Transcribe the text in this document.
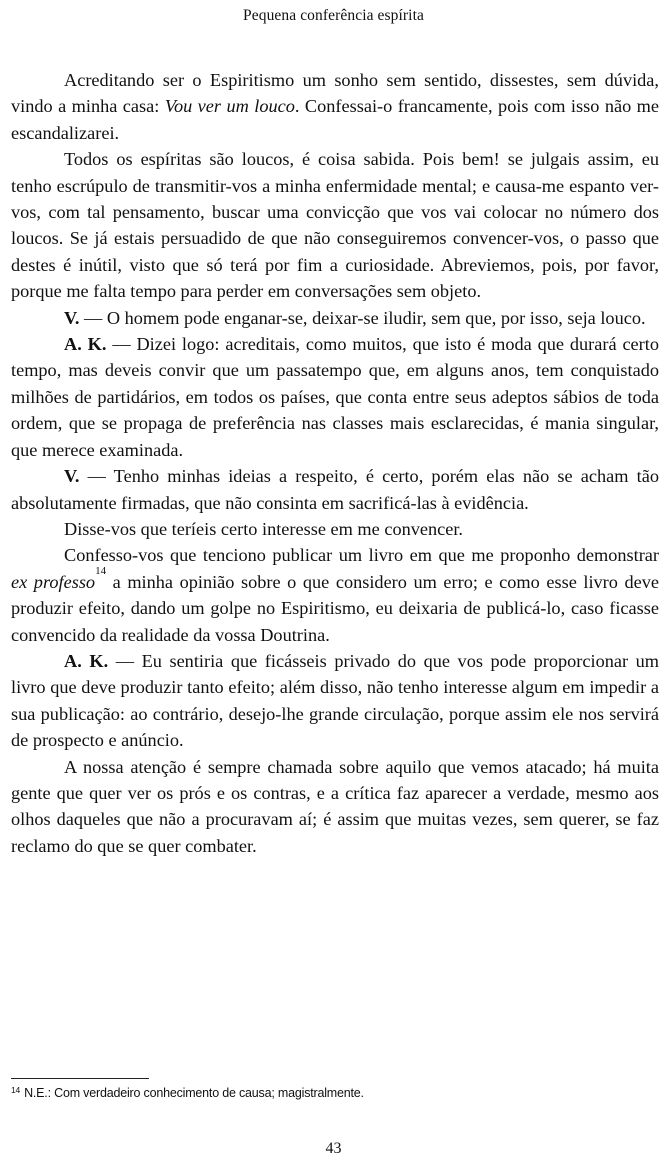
Pequena conferência espírita

Acreditando ser o Espiritismo um sonho sem sentido, dissestes, sem dúvida, vindo a minha casa: Vou ver um louco. Confessai-o francamente, pois com isso não me escandalizarei.

Todos os espíritas são loucos, é coisa sabida. Pois bem! se julgais assim, eu tenho escrúpulo de transmitir-vos a minha enfermidade mental; e causa-me espanto ver-vos, com tal pensamento, buscar uma convicção que vos vai colocar no número dos loucos. Se já estais persuadido de que não conseguiremos convencer-vos, o passo que destes é inútil, visto que só terá por fim a curiosidade. Abreviemos, pois, por favor, porque me falta tempo para perder em conversações sem objeto.

V. — O homem pode enganar-se, deixar-se iludir, sem que, por isso, seja louco.

A. K. — Dizei logo: acreditais, como muitos, que isto é moda que durará certo tempo, mas deveis convir que um passatempo que, em alguns anos, tem conquistado milhões de partidários, em todos os países, que conta entre seus adeptos sábios de toda ordem, que se propaga de preferência nas classes mais esclarecidas, é mania singular, que merece examinada.

V. — Tenho minhas ideias a respeito, é certo, porém elas não se acham tão absolutamente firmadas, que não consinta em sacrificá-las à evidência.

Disse-vos que teríeis certo interesse em me convencer.

Confesso-vos que tenciono publicar um livro em que me proponho demonstrar ex professo$^{14}$ a minha opinião sobre o que considero um erro; e como esse livro deve produzir efeito, dando um golpe no Espiritismo, eu deixaria de publicá-lo, caso ficasse convencido da realidade da vossa Doutrina.

A. K. — Eu sentiria que ficásseis privado do que vos pode proporcionar um livro que deve produzir tanto efeito; além disso, não tenho interesse algum em impedir a sua publicação: ao contrário, desejo-lhe grande circulação, porque assim ele nos servirá de prospecto e anúncio.

A nossa atenção é sempre chamada sobre aquilo que vemos atacado; há muita gente que quer ver os prós e os contras, e a crítica faz aparecer a verdade, mesmo aos olhos daqueles que não a procuravam aí; é assim que muitas vezes, sem querer, se faz reclamo do que se quer combater.

$^{14}$ N.E.: Com verdadeiro conhecimento de causa; magistralmente.
43
